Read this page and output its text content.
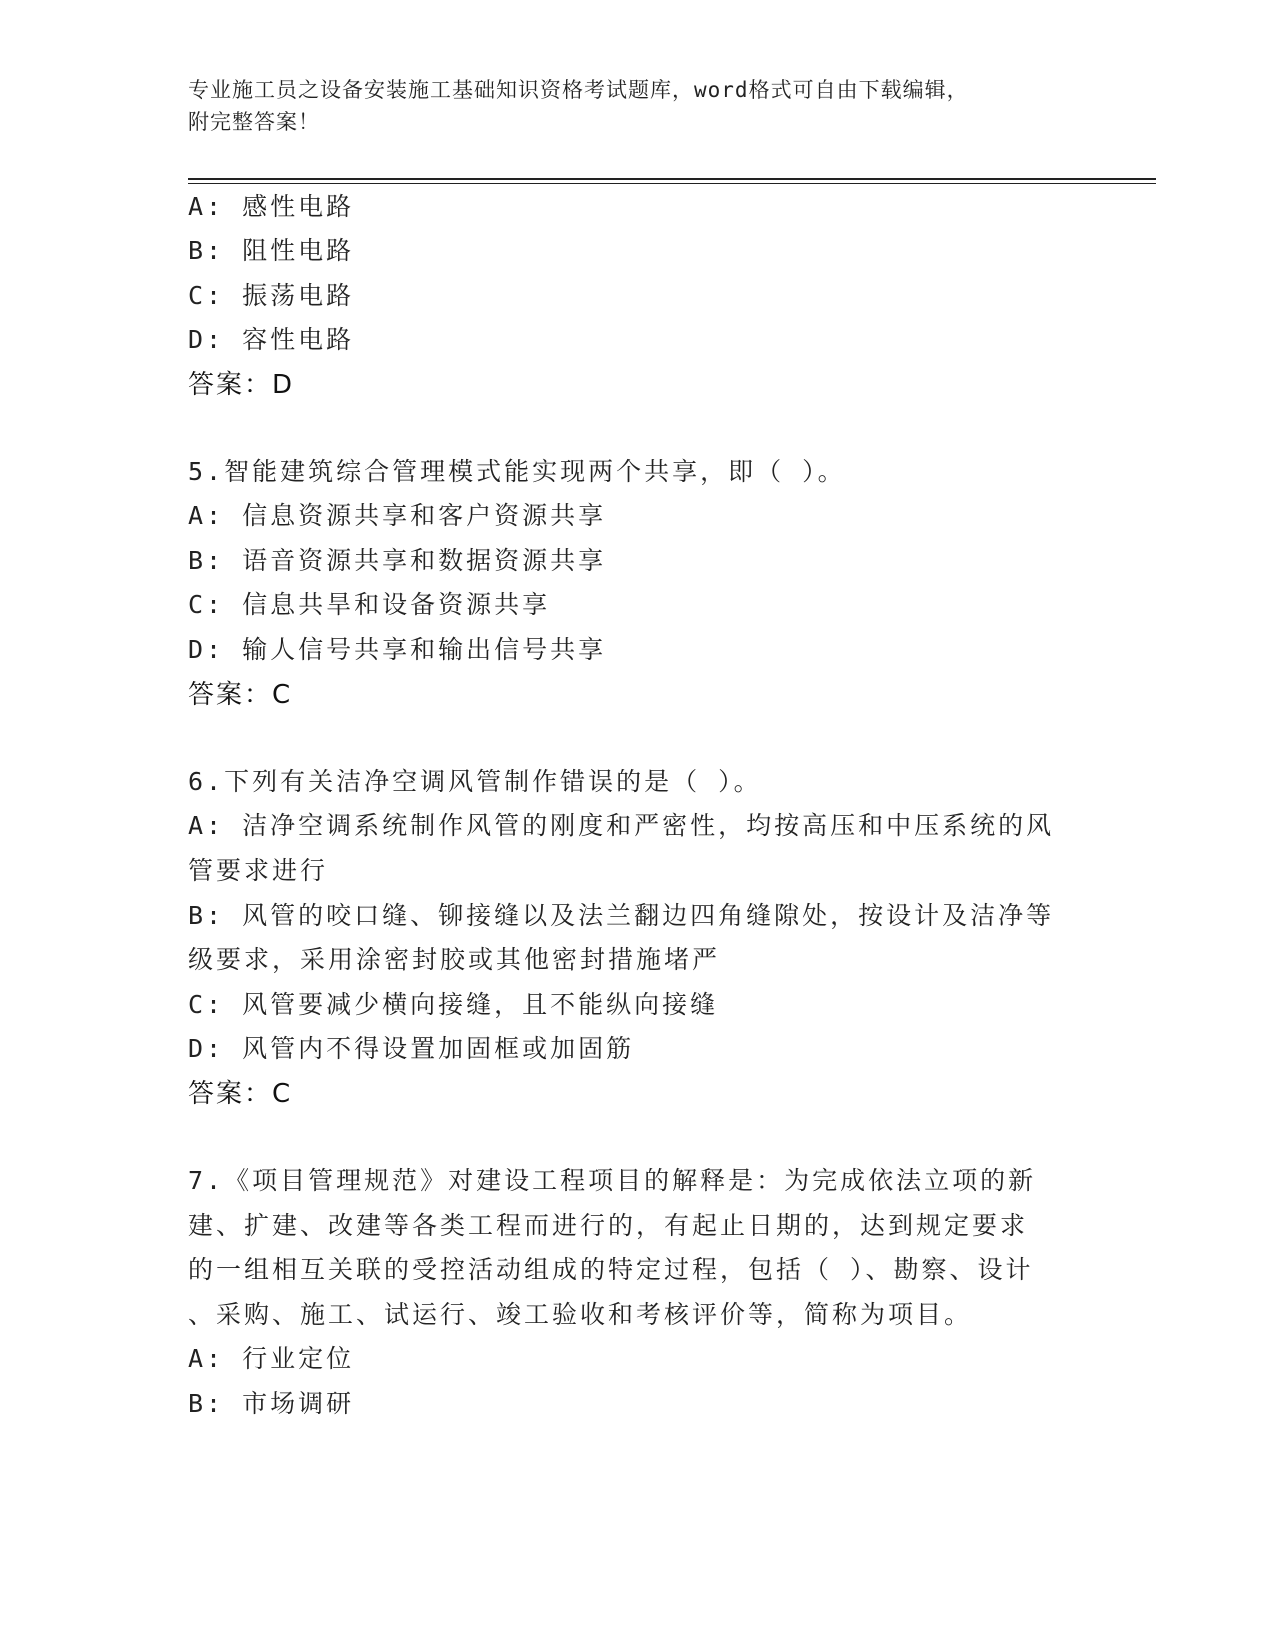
专业施工员之设备安装施工基础知识资格考试题库，word格式可自由下载编辑，
附完整答案！
A: 感性电路
B: 阻性电路
C: 振荡电路
D: 容性电路
答案：D
5.智能建筑综合管理模式能实现两个共享，即（ ）。
A: 信息资源共享和客户资源共享
B: 语音资源共享和数据资源共享
C: 信息共旱和设备资源共享
D: 输人信号共享和输出信号共享
答案：C
6.下列有关洁净空调风管制作错误的是（ ）。
A: 洁净空调系统制作风管的刚度和严密性，均按高压和中压系统的风
管要求进行
B: 风管的咬口缝、铆接缝以及法兰翻边四角缝隙处，按设计及洁净等
级要求，采用涂密封胶或其他密封措施堵严
C: 风管要减少横向接缝，且不能纵向接缝
D: 风管内不得设置加固框或加固筋
答案：C
7.《项目管理规范》对建设工程项目的解释是：为完成依法立项的新
建、扩建、改建等各类工程而进行的，有起止日期的，达到规定要求
的一组相互关联的受控活动组成的特定过程，包括（ ）、勘察、设计
、采购、施工、试运行、竣工验收和考核评价等，简称为项目。
A: 行业定位
B: 市场调研
